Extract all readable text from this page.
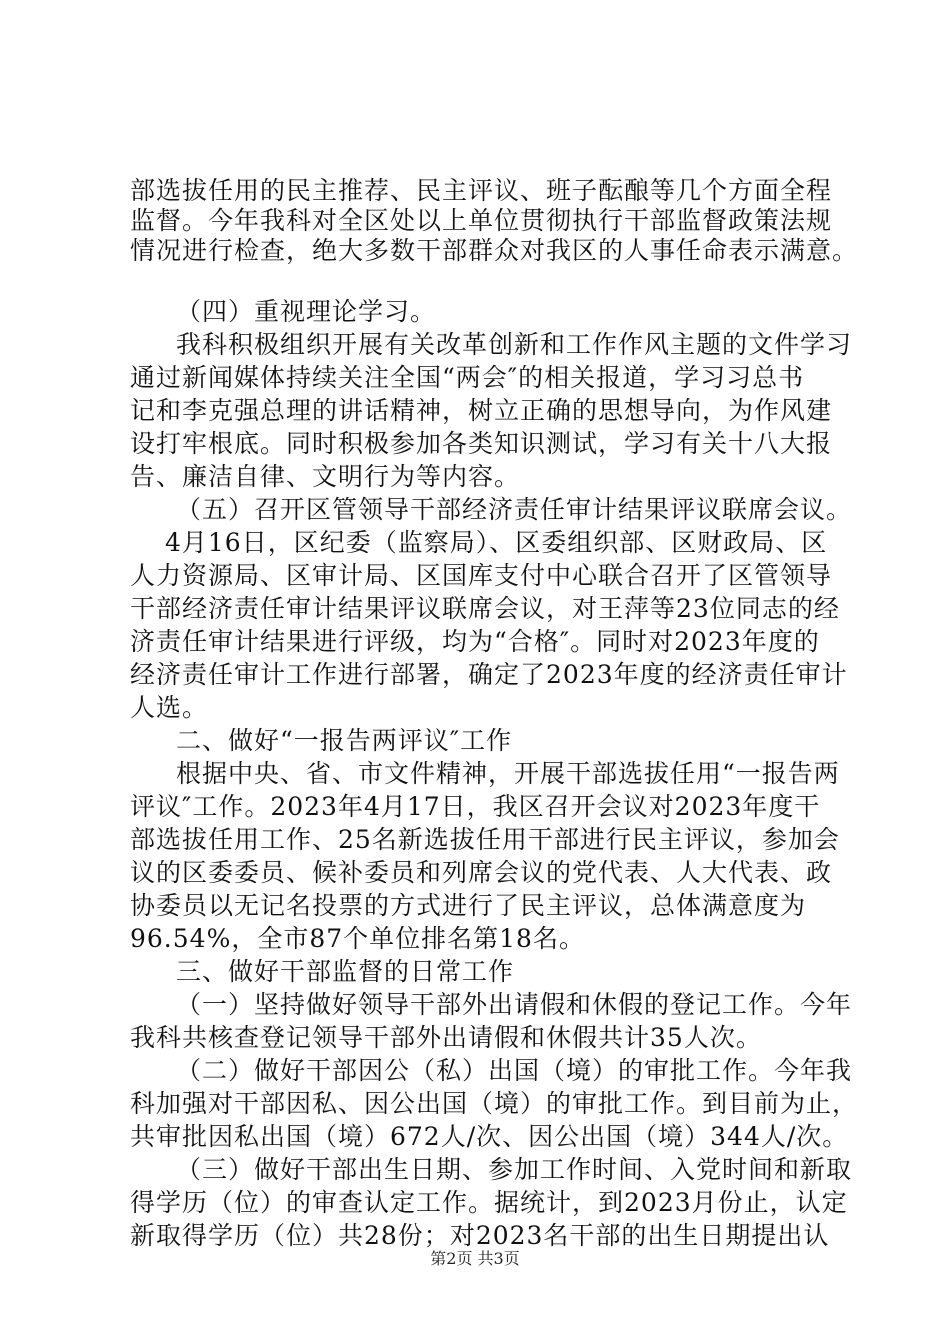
部选拔任用的民主推荐、民主评议、班子酝酿等几个方面全程
监督。今年我科对全区处以上单位贯彻执行干部监督政策法规
情况进行检查，绝大多数干部群众对我区的人事任命表示满意。
（四）重视理论学习。
我科积极组织开展有关改革创新和工作作风主题的文件学习
通过新闻媒体持续关注全国“两会″的相关报道，学习习总书
记和李克强总理的讲话精神，树立正确的思想导向，为作风建
设打牢根底。同时积极参加各类知识测试，学习有关十八大报
告、廉洁自律、文明行为等内容。
（五）召开区管领导干部经济责任审计结果评议联席会议。
4月16日，区纪委（监察局）、区委组织部、区财政局、区
人力资源局、区审计局、区国库支付中心联合召开了区管领导
干部经济责任审计结果评议联席会议，对王萍等23位同志的经
济责任审计结果进行评级，均为“合格″。同时对2023年度的
经济责任审计工作进行部署，确定了2023年度的经济责任审计
人选。
二、做好“一报告两评议″工作
根据中央、省、市文件精神，开展干部选拔任用“一报告两
评议″工作。2023年4月17日，我区召开会议对2023年度干
部选拔任用工作、25名新选拔任用干部进行民主评议，参加会
议的区委委员、候补委员和列席会议的党代表、人大代表、政
协委员以无记名投票的方式进行了民主评议，总体满意度为
96.54%，全市87个单位排名第18名。
三、做好干部监督的日常工作
（一）坚持做好领导干部外出请假和休假的登记工作。今年
我科共核查登记领导干部外出请假和休假共计35人次。
（二）做好干部因公（私）出国（境）的审批工作。今年我
科加强对干部因私、因公出国（境）的审批工作。到目前为止，
共审批因私出国（境）672人/次、因公出国（境）344人/次。
（三）做好干部出生日期、参加工作时间、入党时间和新取
得学历（位）的审查认定工作。据统计，到2023月份止，认定
新取得学历（位）共28份；对2023名干部的出生日期提出认
第2页 共3页
